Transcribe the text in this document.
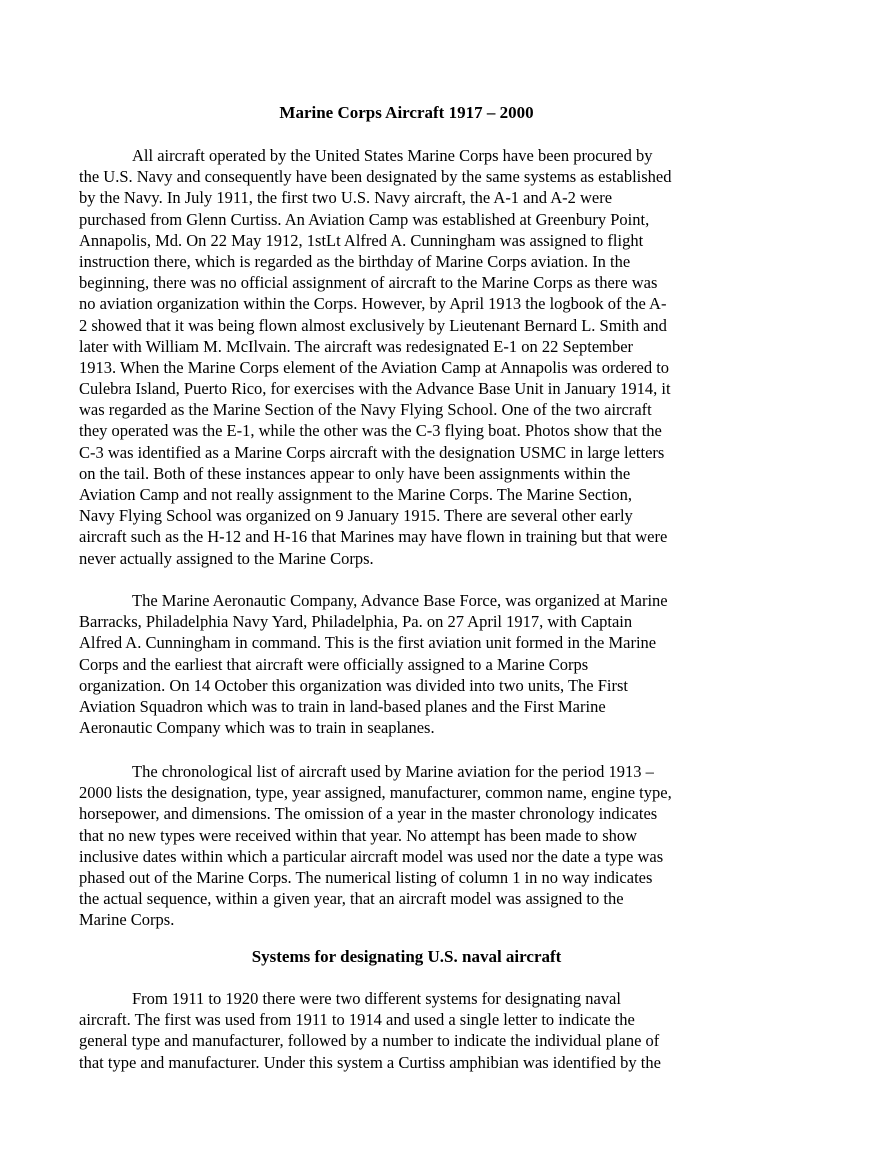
Marine Corps Aircraft 1917 – 2000
All aircraft operated by the United States Marine Corps have been procured by
the U.S. Navy and consequently have been designated by the same systems as established
by the Navy. In July 1911, the first two U.S. Navy aircraft, the A-1 and A-2 were
purchased from Glenn Curtiss. An Aviation Camp was established at Greenbury Point,
Annapolis, Md. On 22 May 1912, 1stLt Alfred A. Cunningham was assigned to flight
instruction there, which is regarded as the birthday of Marine Corps aviation. In the
beginning, there was no official assignment of aircraft to the Marine Corps as there was
no aviation organization within the Corps. However, by April 1913 the logbook of the A-
2 showed that it was being flown almost exclusively by Lieutenant Bernard L. Smith and
later with William M. McIlvain. The aircraft was redesignated E-1 on 22 September
1913. When the Marine Corps element of the Aviation Camp at Annapolis was ordered to
Culebra Island, Puerto Rico, for exercises with the Advance Base Unit in January 1914, it
was regarded as the Marine Section of the Navy Flying School. One of the two aircraft
they operated was the E-1, while the other was the C-3 flying boat. Photos show that the
C-3 was identified as a Marine Corps aircraft with the designation USMC in large letters
on the tail. Both of these instances appear to only have been assignments within the
Aviation Camp and not really assignment to the Marine Corps. The Marine Section,
Navy Flying School was organized on 9 January 1915. There are several other early
aircraft such as the H-12 and H-16 that Marines may have flown in training but that were
never actually assigned to the Marine Corps.
The Marine Aeronautic Company, Advance Base Force, was organized at Marine
Barracks, Philadelphia Navy Yard, Philadelphia, Pa. on 27 April 1917, with Captain
Alfred A. Cunningham in command. This is the first aviation unit formed in the Marine
Corps and the earliest that aircraft were officially assigned to a Marine Corps
organization. On 14 October this organization was divided into two units, The First
Aviation Squadron which was to train in land-based planes and the First Marine
Aeronautic Company which was to train in seaplanes.
The chronological list of aircraft used by Marine aviation for the period 1913 –
2000 lists the designation, type, year assigned, manufacturer, common name, engine type,
horsepower, and dimensions. The omission of a year in the master chronology indicates
that no new types were received within that year. No attempt has been made to show
inclusive dates within which a particular aircraft model was used nor the date a type was
phased out of the Marine Corps. The numerical listing of column 1 in no way indicates
the actual sequence, within a given year, that an aircraft model was assigned to the
Marine Corps.
Systems for designating U.S. naval aircraft
From 1911 to 1920 there were two different systems for designating naval
aircraft. The first was used from 1911 to 1914 and used a single letter to indicate the
general type and manufacturer, followed by a number to indicate the individual plane of
that type and manufacturer. Under this system a Curtiss amphibian was identified by the
